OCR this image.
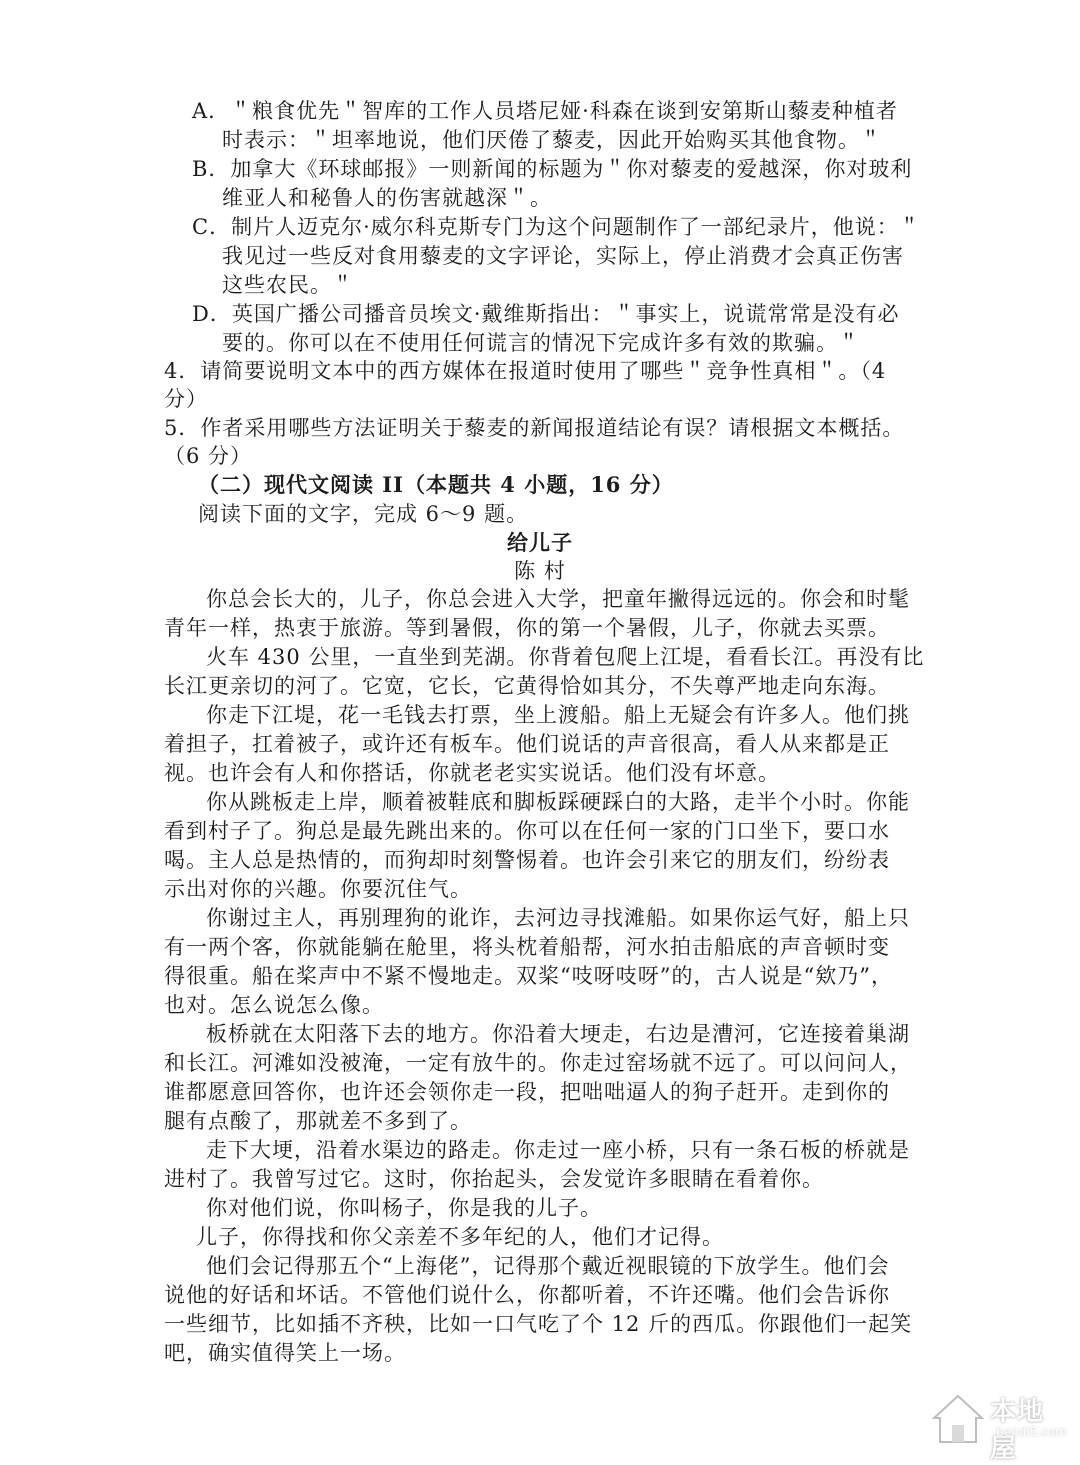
A．＂粮食优先＂智库的工作人员塔尼娅·科森在谈到安第斯山藜麦种植者
时表示：＂坦率地说，他们厌倦了藜麦，因此开始购买其他食物。＂
B．加拿大《环球邮报》一则新闻的标题为＂你对藜麦的爱越深，你对玻利
维亚人和秘鲁人的伤害就越深＂。
C．制片人迈克尔·威尔科克斯专门为这个问题制作了一部纪录片，他说：＂
我见过一些反对食用藜麦的文字评论，实际上，停止消费才会真正伤害
这些农民。＂
D．英国广播公司播音员埃文·戴维斯指出：＂事实上，说谎常常是没有必
要的。你可以在不使用任何谎言的情况下完成许多有效的欺骗。＂
4．请简要说明文本中的西方媒体在报道时使用了哪些＂竞争性真相＂。（4
分）
5．作者采用哪些方法证明关于藜麦的新闻报道结论有误？请根据文本概括。
（6 分）
（二）现代文阅读 II（本题共 4 小题，16 分）
阅读下面的文字，完成 6～9 题。
给儿子
陈 村
你总会长大的，儿子，你总会进入大学，把童年撇得远远的。你会和时髦
青年一样，热衷于旅游。等到暑假，你的第一个暑假，儿子，你就去买票。
火车 430 公里，一直坐到芜湖。你背着包爬上江堤，看看长江。再没有比
长江更亲切的河了。它宽，它长，它黄得恰如其分，不失尊严地走向东海。
你走下江堤，花一毛钱去打票，坐上渡船。船上无疑会有许多人。他们挑
着担子，扛着被子，或许还有板车。他们说话的声音很高，看人从来都是正
视。也许会有人和你搭话，你就老老实实说话。他们没有坏意。
你从跳板走上岸，顺着被鞋底和脚板踩硬踩白的大路，走半个小时。你能
看到村子了。狗总是最先跳出来的。你可以在任何一家的门口坐下，要口水
喝。主人总是热情的，而狗却时刻警惕着。也许会引来它的朋友们，纷纷表
示出对你的兴趣。你要沉住气。
你谢过主人，再别理狗的讹诈，去河边寻找滩船。如果你运气好，船上只
有一两个客，你就能躺在舱里，将头枕着船帮，河水拍击船底的声音顿时变
得很重。船在桨声中不紧不慢地走。双桨“吱呀吱呀”的，古人说是“欸乃”，
也对。怎么说怎么像。
板桥就在太阳落下去的地方。你沿着大埂走，右边是漕河，它连接着巢湖
和长江。河滩如没被淹，一定有放牛的。你走过窑场就不远了。可以问问人，
谁都愿意回答你，也许还会领你走一段，把咄咄逼人的狗子赶开。走到你的
腿有点酸了，那就差不多到了。
走下大埂，沿着水渠边的路走。你走过一座小桥，只有一条石板的桥就是
进村了。我曾写过它。这时，你抬起头，会发觉许多眼睛在看着你。
你对他们说，你叫杨子，你是我的儿子。
儿子，你得找和你父亲差不多年纪的人，他们才记得。
他们会记得那五个“上海佬”，记得那个戴近视眼镜的下放学生。他们会
说他的好话和坏话。不管他们说什么，你都听着，不许还嘴。他们会告诉你
一些细节，比如插不齐秧，比如一口气吃了个 12 斤的西瓜。你跟他们一起笑
吧，确实值得笑上一场。
本地屋
bendi5.com
